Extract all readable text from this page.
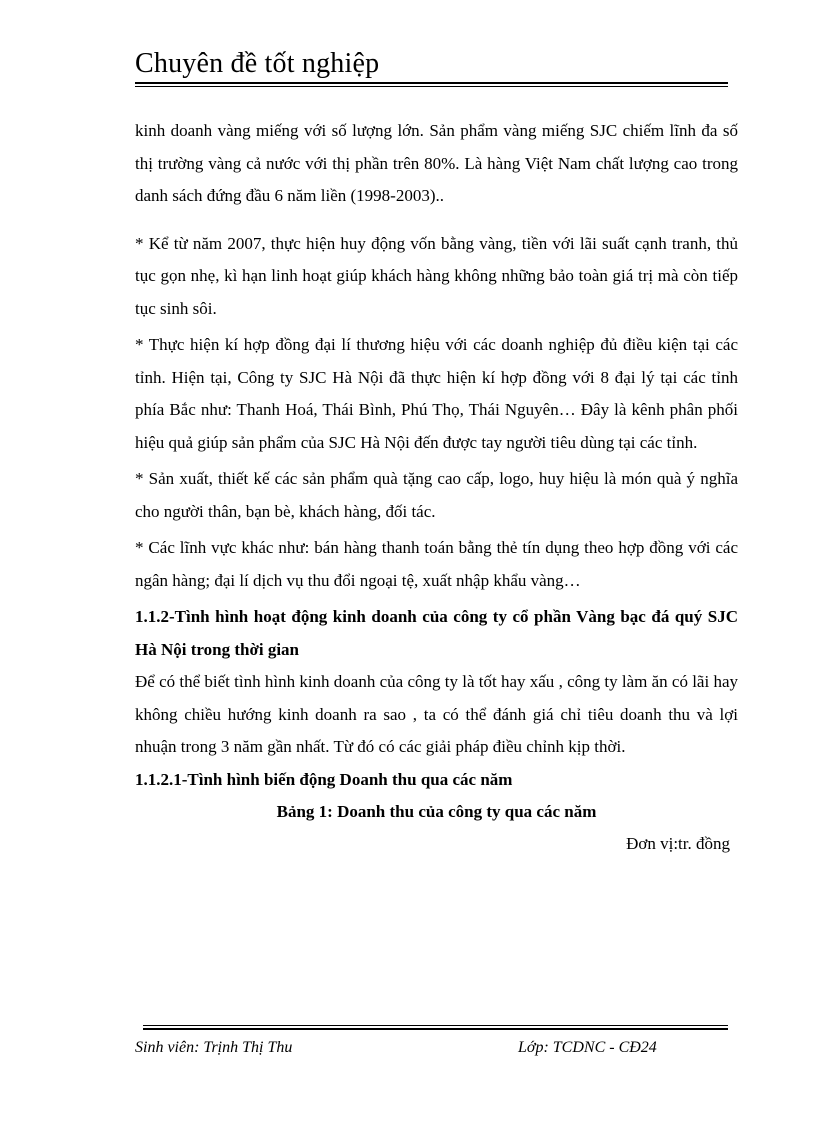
Chuyên đề tốt nghiệp

kinh doanh vàng miếng với số lượng lớn. Sản phẩm vàng miếng SJC chiếm lĩnh đa số thị trường vàng cả nước với thị phần trên 80%. Là hàng Việt Nam chất lượng cao trong danh sách đứng đầu 6 năm liền (1998-2003)..

* Kể từ năm 2007, thực hiện huy động vốn bằng vàng, tiền với lãi suất cạnh tranh, thủ tục gọn nhẹ, kì hạn linh hoạt giúp khách hàng không những bảo toàn giá trị mà còn tiếp tục sinh sôi.

* Thực hiện kí hợp đồng đại lí thương hiệu với các doanh nghiệp đủ điều kiện tại các tỉnh. Hiện tại, Công ty SJC Hà Nội đã thực hiện kí hợp đồng với 8 đại lý tại các tỉnh phía Bắc như: Thanh Hoá, Thái Bình, Phú Thọ, Thái Nguyên… Đây là kênh phân phối hiệu quả giúp sản phẩm của SJC Hà Nội đến được tay người tiêu dùng tại các tỉnh.

* Sản xuất, thiết kế các sản phẩm quà tặng cao cấp, logo, huy hiệu là món quà ý nghĩa cho người thân, bạn bè, khách hàng, đối tác.

* Các lĩnh vực khác như: bán hàng thanh toán bằng thẻ tín dụng theo hợp đồng với các ngân hàng; đại lí dịch vụ thu đổi ngoại tệ, xuất nhập khẩu vàng…

1.1.2-Tình hình hoạt động kinh doanh của công ty cổ phần Vàng bạc đá quý SJC Hà Nội trong thời gian

Để có thể biết tình hình kinh doanh của công ty là tốt hay xấu , công ty làm ăn có lãi hay không chiều hướng kinh doanh ra sao , ta có thể đánh giá chỉ tiêu doanh thu và lợi nhuận trong 3 năm gần nhất. Từ đó có các giải pháp điều chỉnh kịp thời.

1.1.2.1-Tình hình biến động Doanh thu qua các năm

Bảng 1: Doanh thu của công ty qua các năm

Đơn vị:tr. đồng

Sinh viên: Trịnh Thị Thu	Lớp: TCDNC - CĐ24
